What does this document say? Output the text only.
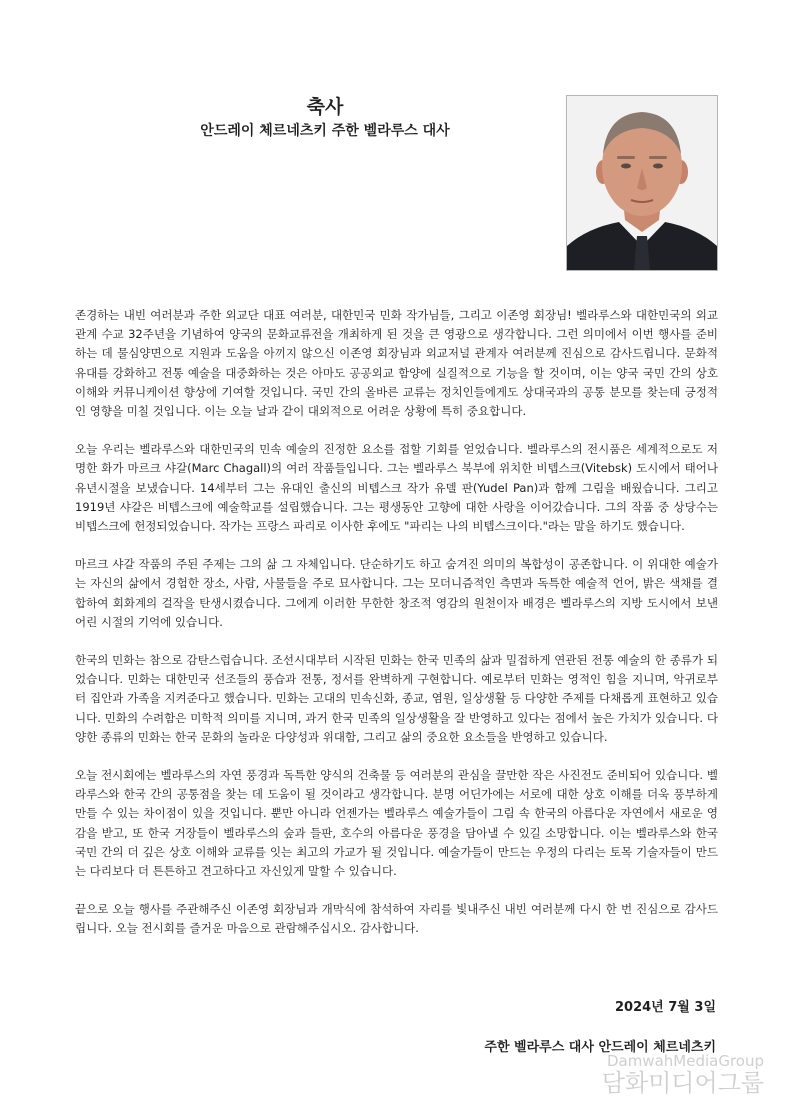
축사
안드레이 체르네츠키 주한 벨라루스 대사

존경하는 내빈 여러분과 주한 외교단 대표 여러분, 대한민국 민화 작가님들, 그리고 이존영 회장님! 벨라루스와 대한민국의 외교관계 수교 32주년을 기념하여 양국의 문화교류전을 개최하게 된 것을 큰 영광으로 생각합니다. 그런 의미에서 이번 행사를 준비하는 데 물심양면으로 지원과 도움을 아끼지 않으신 이존영 회장님과 외교저널 관계자 여러분께 진심으로 감사드립니다. 문화적 유대를 강화하고 전통 예술을 대중화하는 것은 아마도 공공외교 함양에 실질적으로 기능을 할 것이며, 이는 양국 국민 간의 상호 이해와 커뮤니케이션 향상에 기여할 것입니다. 국민 간의 올바른 교류는 정치인들에게도 상대국과의 공통 분모를 찾는데 긍정적인 영향을 미칠 것입니다. 이는 오늘 날과 같이 대외적으로 어려운 상황에 특히 중요합니다.

오늘 우리는 벨라루스와 대한민국의 민속 예술의 진정한 요소를 접할 기회를 얻었습니다. 벨라루스의 전시품은 세계적으로도 저명한 화가 마르크 샤갈(Marc Chagall)의 여러 작품들입니다. 그는 벨라루스 북부에 위치한 비텝스크(Vitebsk) 도시에서 태어나 유년시절을 보냈습니다. 14세부터 그는 유대인 출신의 비텝스크 작가 유델 판(Yudel Pan)과 함께 그림을 배웠습니다. 그리고 1919년 샤갈은 비텝스크에 예술학교를 설립했습니다. 그는 평생동안 고향에 대한 사랑을 이어갔습니다. 그의 작품 중 상당수는 비텝스크에 헌정되었습니다. 작가는 프랑스 파리로 이사한 후에도 "파리는 나의 비텝스크이다."라는 말을 하기도 했습니다.

마르크 샤갈 작품의 주된 주제는 그의 삶 그 자체입니다. 단순하기도 하고 숨겨진 의미의 복합성이 공존합니다. 이 위대한 예술가는 자신의 삶에서 경험한 장소, 사람, 사물들을 주로 묘사합니다. 그는 모더니즘적인 측면과 독특한 예술적 언어, 밝은 색채를 결합하여 회화계의 걸작을 탄생시켰습니다. 그에게 이러한 무한한 창조적 영감의 원천이자 배경은 벨라루스의 지방 도시에서 보낸 어린 시절의 기억에 있습니다.

한국의 민화는 참으로 감탄스럽습니다. 조선시대부터 시작된 민화는 한국 민족의 삶과 밀접하게 연관된 전통 예술의 한 종류가 되었습니다. 민화는 대한민국 선조들의 풍습과 전통, 정서를 완벽하게 구현합니다. 예로부터 민화는 영적인 힘을 지니며, 악귀로부터 집안과 가족을 지켜준다고 했습니다. 민화는 고대의 민속신화, 종교, 염원, 일상생활 등 다양한 주제를 다채롭게 표현하고 있습니다. 민화의 수려함은 미학적 의미를 지니며, 과거 한국 민족의 일상생활을 잘 반영하고 있다는 점에서 높은 가치가 있습니다. 다양한 종류의 민화는 한국 문화의 놀라운 다양성과 위대함, 그리고 삶의 중요한 요소들을 반영하고 있습니다.

오늘 전시회에는 벨라루스의 자연 풍경과 독특한 양식의 건축물 등 여러분의 관심을 끌만한 작은 사진전도 준비되어 있습니다. 벨라루스와 한국 간의 공통점을 찾는 데 도움이 될 것이라고 생각합니다. 분명 어딘가에는 서로에 대한 상호 이해를 더욱 풍부하게 만들 수 있는 차이점이 있을 것입니다. 뿐만 아니라 언젠가는 벨라루스 예술가들이 그림 속 한국의 아름다운 자연에서 새로운 영감을 받고, 또 한국 거장들이 벨라루스의 숲과 들판, 호수의 아름다운 풍경을 담아낼 수 있길 소망합니다. 이는 벨라루스와 한국 국민 간의 더 깊은 상호 이해와 교류를 잇는 최고의 가교가 될 것입니다. 예술가들이 만드는 우정의 다리는 토목 기술자들이 만드는 다리보다 더 튼튼하고 견고하다고 자신있게 말할 수 있습니다.

끝으로 오늘 행사를 주관해주신 이존영 회장님과 개막식에 참석하여 자리를 빛내주신 내빈 여러분께 다시 한 번 진심으로 감사드립니다. 오늘 전시회를 즐거운 마음으로 관람해주십시오. 감사합니다.

2024년 7월 3일
주한 벨라루스 대사 안드레이 체르네츠키
DamwahMediaGroup
담화미디어그룹
